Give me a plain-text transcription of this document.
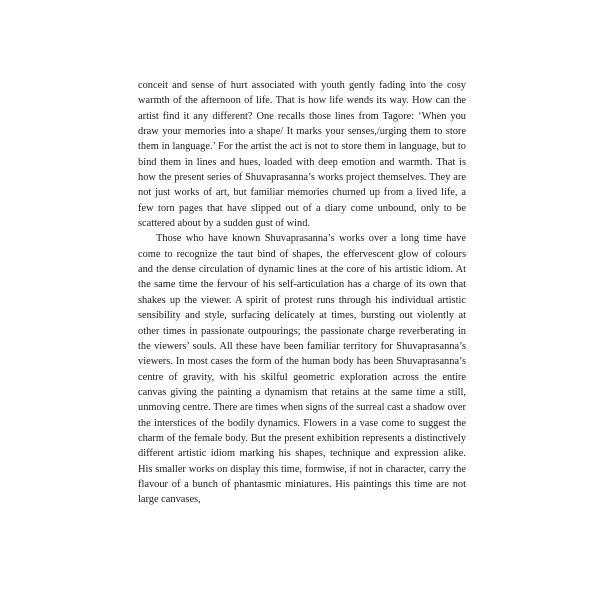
conceit and sense of hurt associated with youth gently fading into the cosy warmth of the afternoon of life. That is how life wends its way. How can the artist find it any different? One recalls those lines from Tagore: ‘When you draw your memories into a shape/ It marks your senses,/urging them to store them in language.’ For the artist the act is not to store them in language, but to bind them in lines and hues, loaded with deep emotion and warmth. That is how the present series of Shuvaprasanna’s works project themselves. They are not just works of art, but familiar memories churned up from a lived life, a few torn pages that have slipped out of a diary come unbound, only to be scattered about by a sudden gust of wind.

Those who have known Shuvaprasanna’s works over a long time have come to recognize the taut bind of shapes, the effervescent glow of colours and the dense circulation of dynamic lines at the core of his artistic idiom. At the same time the fervour of his self-articulation has a charge of its own that shakes up the viewer. A spirit of protest runs through his individual artistic sensibility and style, surfacing delicately at times, bursting out violently at other times in passionate outpourings; the passionate charge reverberating in the viewers’ souls. All these have been familiar territory for Shuvaprasanna’s viewers. In most cases the form of the human body has been Shuvaprasanna’s centre of gravity, with his skilful geometric exploration across the entire canvas giving the painting a dynamism that retains at the same time a still, unmoving centre. There are times when signs of the surreal cast a shadow over the interstices of the bodily dynamics. Flowers in a vase come to suggest the charm of the female body. But the present exhibition represents a distinctively different artistic idiom marking his shapes, technique and expression alike. His smaller works on display this time, formwise, if not in character, carry the flavour of a bunch of phantasmic miniatures. His paintings this time are not large canvases,
